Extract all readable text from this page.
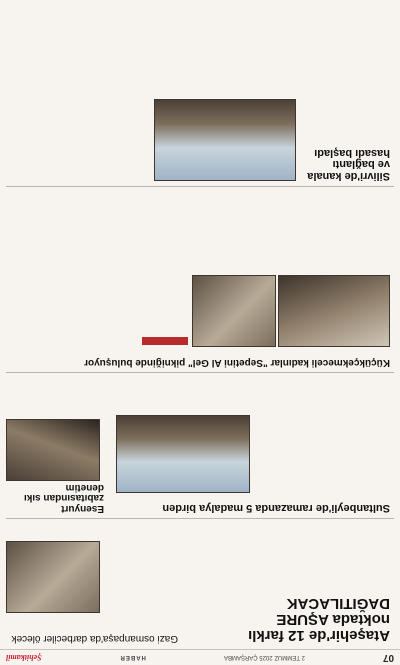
07
2 TEMMUZ 2025 ÇARŞAMBA
HABER
Şehitkamil
Ataşehir'de 12 farklı noktada AŞURE DAĞITILACAK
Gazi osmanpaşa'da darbeciler ölecek
Sultanbeyli'de ramazanda 5 madalya birden
Esenyurt zabıtasından sıkı denetim
Küçükçekmeceli kadınlar "Sepetini Al Gel" pikniğinde buluşuyor
Silivri'de kanala ve bağlantı hasadı başladı
